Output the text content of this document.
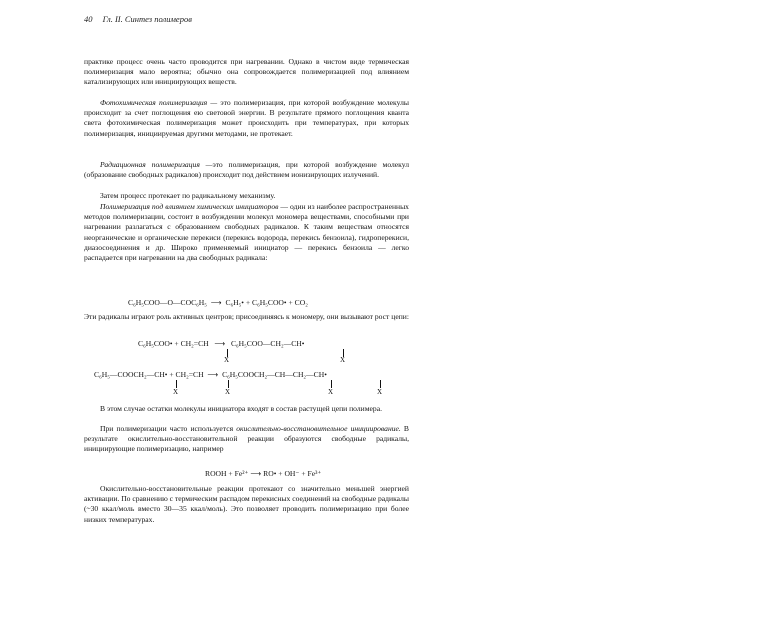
40 Гл. II. Синтез полимеров
практике процесс очень часто проводится при нагревании. Однако в чистом виде термическая полимеризация мало вероятна; обычно она сопровождается полимеризацией под влиянием катализирующих или инициирующих веществ.
Фотохимическая полимеризация — это полимеризация, при которой возбуждение молекулы происходит за счет поглощения ею световой энергии. В результате прямого поглощения кванта света фотохимическая полимеризация может происходить при температурах, при которых полимеризация, инициируемая другими методами, не протекает.
Радиационная полимеризация —это полимеризация, при которой возбуждение молекул (образование свободных радикалов) происходит под действием ионизирующих излучений.
Затем процесс протекает по радикальному механизму.
Полимеризация под влиянием химических инициаторов — один из наиболее распространенных методов полимеризации, состоит в возбуждении молекул мономера веществами, способными при нагревании разлагаться с образованием свободных радикалов. К таким веществам относятся неорганические и органические перекиси (перекись водорода, перекись бензоила), гидроперекиси, диазосоединения и др. Широко применяемый инициатор — перекись бензоила — легко распадается при нагревании на два свободных радикала:
C₆H₅COO—O—COC₆H₅  ⟶  C₆H₅• + C₆H₅COO• + CO₂
Эти радикалы играют роль активных центров; присоединяясь к мономеру, они вызывают рост цепи:
C₆H₅COO• + CH₂=CH   ⟶   C₆H₅COO—CH₂—CH•
X	X
C₆H₅—COOCH₂—CH• + CH₂=CH  ⟶  C₆H₅COOCH₂—CH—CH₂—CH•
X	X	X	X
В этом случае остатки молекулы инициатора входят в состав растущей цепи полимера.
При полимеризации часто используется окислительно-восстановительное инициирование. В результате окислительно-восстановительной реакции образуются свободные радикалы, инициирующие полимеризацию, например
ROOH + Fe²⁺ ⟶ RO• + OH⁻ + Fe³⁺
Окислительно-восстановительные реакции протекают со значительно меньшей энергией активации. По сравнению с термическим распадом перекисных соединений на свободные радикалы (~30 ккал/моль вместо 30—35 ккал/моль). Это позволяет проводить полимеризацию при более низких температурах.
